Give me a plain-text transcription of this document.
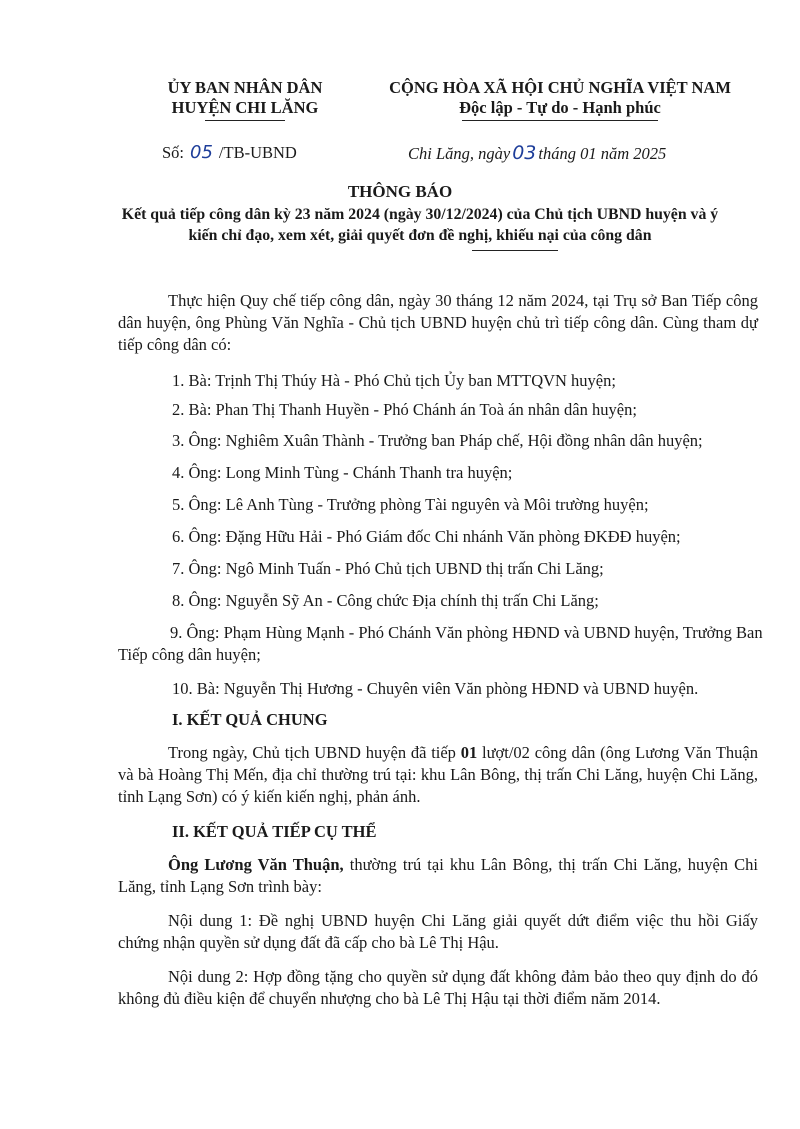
ỦY BAN NHÂN DÂN
HUYỆN CHI LĂNG
CỘNG HÒA XÃ HỘI CHỦ NGHĨA VIỆT NAM
Độc lập - Tự do - Hạnh phúc
Số: 05 /TB-UBND	Chi Lăng, ngày 03 tháng 01 năm 2025
THÔNG BÁO
Kết quả tiếp công dân kỳ 23 năm 2024 (ngày 30/12/2024) của Chủ tịch UBND huyện và ý kiến chỉ đạo, xem xét, giải quyết đơn đề nghị, khiếu nại của công dân

Thực hiện Quy chế tiếp công dân, ngày 30 tháng 12 năm 2024, tại Trụ sở Ban Tiếp công dân huyện, ông Phùng Văn Nghĩa - Chủ tịch UBND huyện chủ trì tiếp công dân. Cùng tham dự tiếp công dân có:

1. Bà: Trịnh Thị Thúy Hà - Phó Chủ tịch Ủy ban MTTQVN huyện;
2. Bà: Phan Thị Thanh Huyền - Phó Chánh án Toà án nhân dân huyện;
3. Ông: Nghiêm Xuân Thành - Trưởng ban Pháp chế, Hội đồng nhân dân huyện;
4. Ông: Long Minh Tùng - Chánh Thanh tra huyện;
5. Ông: Lê Anh Tùng - Trưởng phòng Tài nguyên và Môi trường huyện;
6. Ông: Đặng Hữu Hải - Phó Giám đốc Chi nhánh Văn phòng ĐKĐĐ huyện;
7. Ông: Ngô Minh Tuấn - Phó Chủ tịch UBND thị trấn Chi Lăng;
8. Ông: Nguyễn Sỹ An - Công chức Địa chính thị trấn Chi Lăng;
9. Ông: Phạm Hùng Mạnh - Phó Chánh Văn phòng HĐND và UBND huyện, Trưởng Ban Tiếp công dân huyện;
10. Bà: Nguyễn Thị Hương - Chuyên viên Văn phòng HĐND và UBND huyện.
I. KẾT QUẢ CHUNG

Trong ngày, Chủ tịch UBND huyện đã tiếp 01 lượt/02 công dân (ông Lương Văn Thuận và bà Hoàng Thị Mến, địa chỉ thường trú tại: khu Lân Bông, thị trấn Chi Lăng, huyện Chi Lăng, tỉnh Lạng Sơn) có ý kiến kiến nghị, phản ánh.

II. KẾT QUẢ TIẾP CỤ THỂ

Ông Lương Văn Thuận, thường trú tại khu Lân Bông, thị trấn Chi Lăng, huyện Chi Lăng, tỉnh Lạng Sơn trình bày:

Nội dung 1: Đề nghị UBND huyện Chi Lăng giải quyết dứt điểm việc thu hồi Giấy chứng nhận quyền sử dụng đất đã cấp cho bà Lê Thị Hậu.

Nội dung 2: Hợp đồng tặng cho quyền sử dụng đất không đảm bảo theo quy định do đó không đủ điều kiện để chuyển nhượng cho bà Lê Thị Hậu tại thời điểm năm 2014.
